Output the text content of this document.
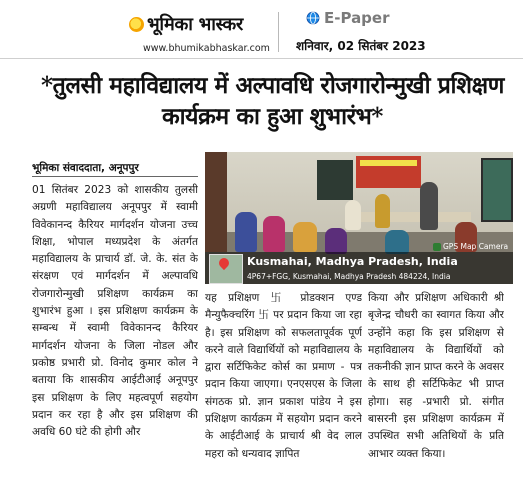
भूमिका भास्कर
www.bhumikabhaskar.com
E-Paper
शनिवार, 02 सितंबर 2023
*तुलसी महाविद्यालय में अल्पावधि रोजगारोन्मुखी प्रशिक्षण कार्यक्रम का हुआ शुभारंभ*
भूमिका संवाददाता, अनूपपुर
01 सितंबर 2023 को शासकीय तुलसी अग्रणी महाविद्यालय अनूपपुर में स्वामी विवेकानन्द कैरियर मार्गदर्शन योजना उच्च शिक्षा, भोपाल मध्यप्रदेश के अंतर्गत महाविद्यालय के प्राचार्य डॉ. जे. के. संत के संरक्षण एवं मार्गदर्शन में अल्पावधि रोजगारोन्मुखी प्रशिक्षण कार्यक्रम का शुभारंभ हुआ । इस प्रशिक्षण कार्यक्रम के सम्बन्ध में स्वामी विवेकानन्द कैरियर मार्गदर्शन योजना के जिला नोडल और प्रकोष्ठ प्रभारी प्रो. विनोद कुमार कोल ने बताया कि शासकीय आईटीआई अनूपपुर इस प्रशिक्षण के लिए महत्वपूर्ण सहयोग प्रदान कर रहा है और इस प्रशिक्षण की अवधि 60 घंटे की होगी और
GPS Map Camera
Kusmahai, Madhya Pradesh, India
4P67+FGG, Kusmahai, Madhya Pradesh 484224, India
यह प्रशिक्षण 卐 प्रोडक्शन एण्ड मैन्युफैक्चरिंग 卐 पर प्रदान किया जा रहा है। इस प्रशिक्षण को सफलतापूर्वक पूर्ण करने वाले विद्यार्थियों को महाविद्यालय के द्वारा सर्टिफिकेट कोर्स का प्रमाण - पत्र प्रदान किया जाएगा। एनएसएस के जिला संगठक प्रो. ज्ञान प्रकाश पांडेय ने इस प्रशिक्षण कार्यक्रम में सहयोग प्रदान करने के आईटीआई के प्राचार्य श्री वेद लाल महरा को धन्यवाद ज्ञापित
किया और प्रशिक्षण अधिकारी श्री बृजेन्द्र चौधरी का स्वागत किया और उन्होंने कहा कि इस प्रशिक्षण से महाविद्यालय के विद्यार्थियों को तकनीकी ज्ञान प्राप्त करने के अवसर के साथ ही सर्टिफिकेट भी प्राप्त होगा। सह -प्रभारी प्रो. संगीत बासरनी इस प्रशिक्षण कार्यक्रम में उपस्थित सभी अतिथियों के प्रति आभार व्यक्त किया।
